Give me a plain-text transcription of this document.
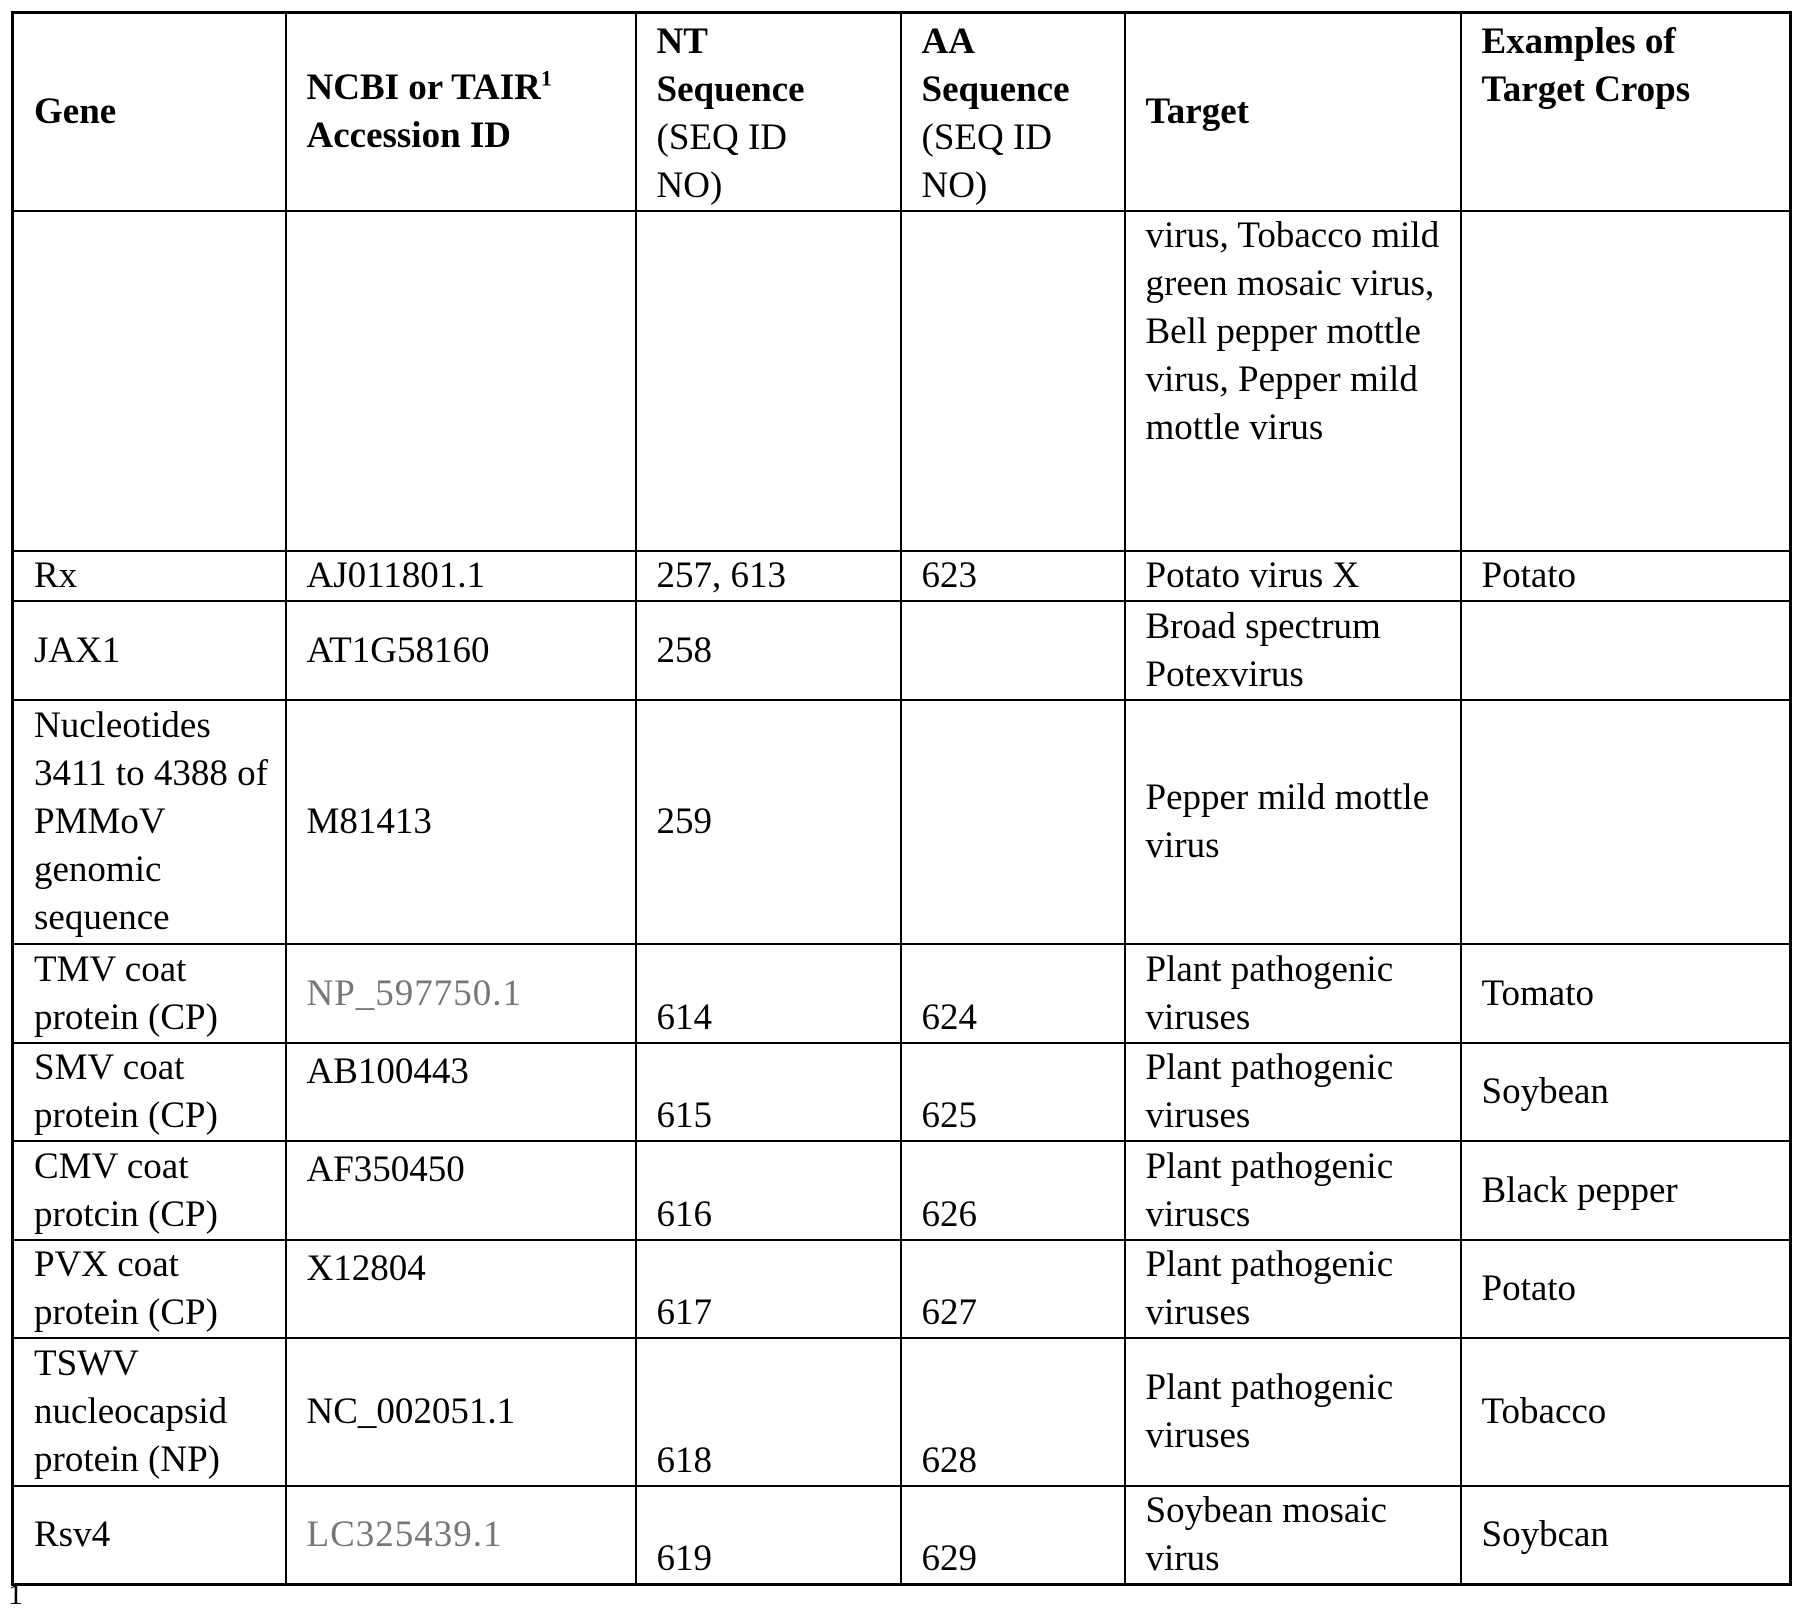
Gene	NCBI or TAIR1
Accession ID	NT
Sequence
(SEQ ID
NO)	AA
Sequence
(SEQ ID
NO)	Target	Examples of
Target Crops
				virus, Tobacco mild green mosaic virus, Bell pepper mottle virus, Pepper mild mottle virus	
Rx	AJ011801.1	257, 613	623	Potato virus X	Potato
JAX1	AT1G58160	258		Broad spectrum Potexvirus	
Nucleotides 3411 to 4388 of PMMoV genomic sequence	M81413	259		Pepper mild mottle virus	
TMV coat protein (CP)	NP_597750.1	614	624	Plant pathogenic viruses	Tomato
SMV coat protein (CP)	AB100443	615	625	Plant pathogenic viruses	Soybean
CMV coat protcin (CP)	AF350450	616	626	Plant pathogenic viruscs	Black pepper
PVX coat protein (CP)	X12804	617	627	Plant pathogenic viruses	Potato
TSWV nucleocapsid protein (NP)	NC_002051.1	618	628	Plant pathogenic viruses	Tobacco
Rsv4	LC325439.1	619	629	Soybean mosaic virus	Soybcan
1
